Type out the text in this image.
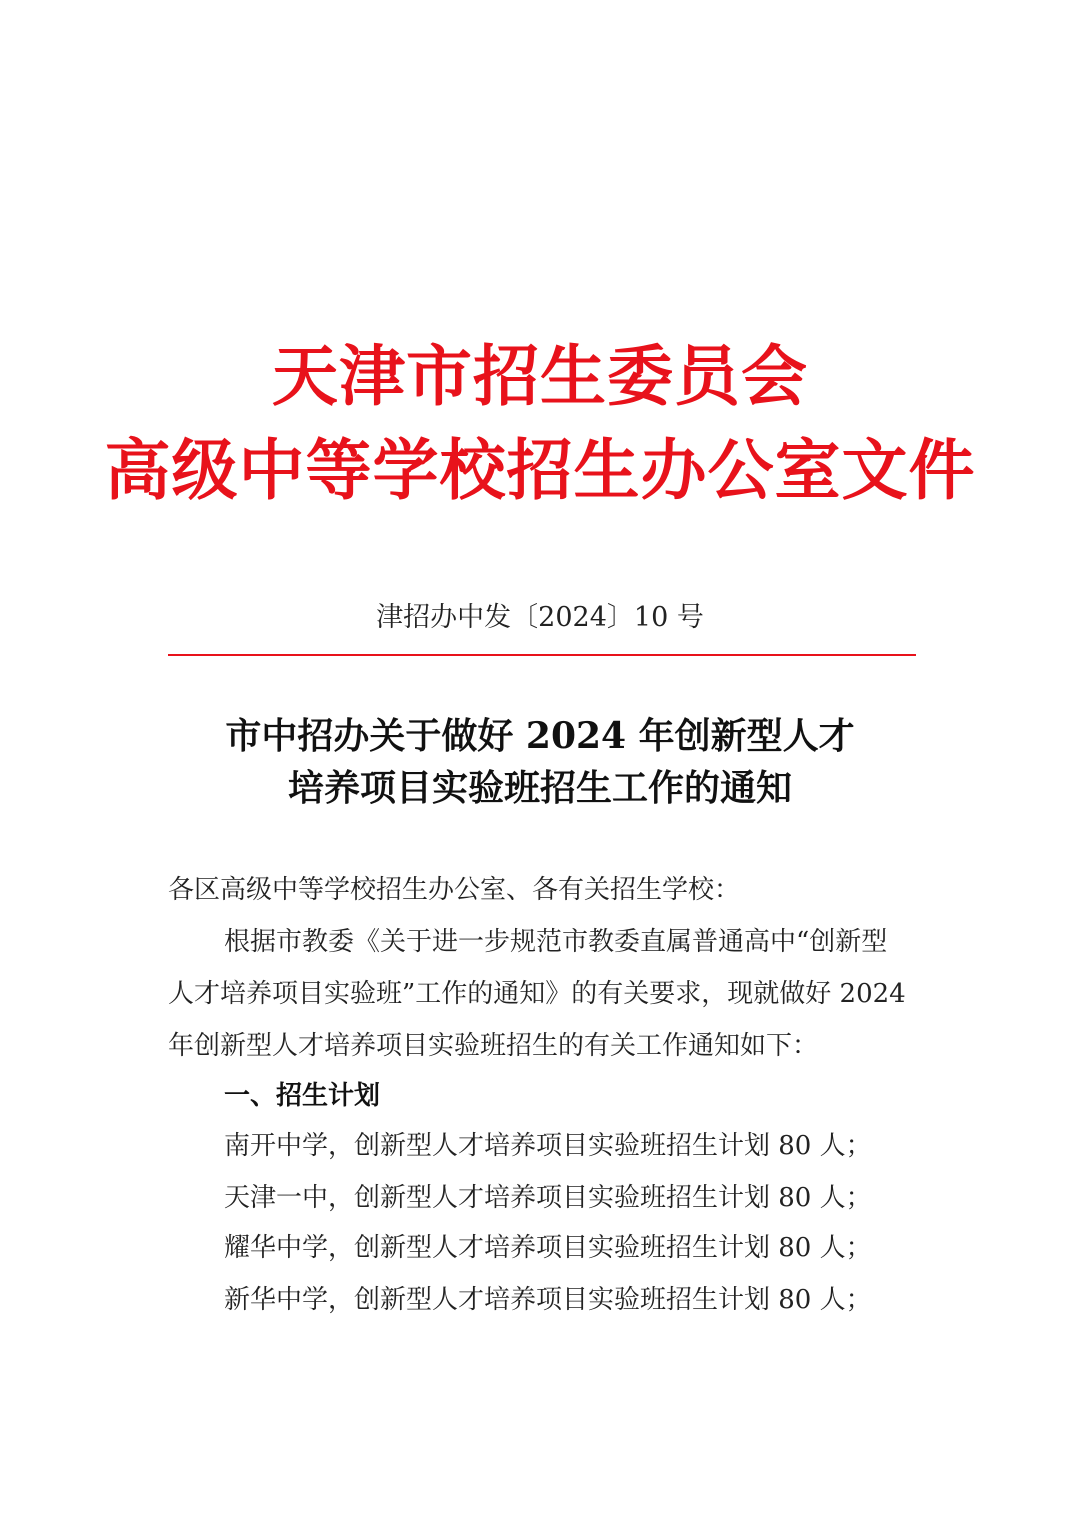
天津市招生委员会
高级中等学校招生办公室文件
津招办中发〔2024〕10 号
市中招办关于做好 2024 年创新型人才
培养项目实验班招生工作的通知
各区高级中等学校招生办公室、各有关招生学校：
根据市教委《关于进一步规范市教委直属普通高中“创新型
人才培养项目实验班”工作的通知》的有关要求，现就做好 2024
年创新型人才培养项目实验班招生的有关工作通知如下：
一、招生计划
南开中学，创新型人才培养项目实验班招生计划 80 人；
天津一中，创新型人才培养项目实验班招生计划 80 人；
耀华中学，创新型人才培养项目实验班招生计划 80 人；
新华中学，创新型人才培养项目实验班招生计划 80 人；
